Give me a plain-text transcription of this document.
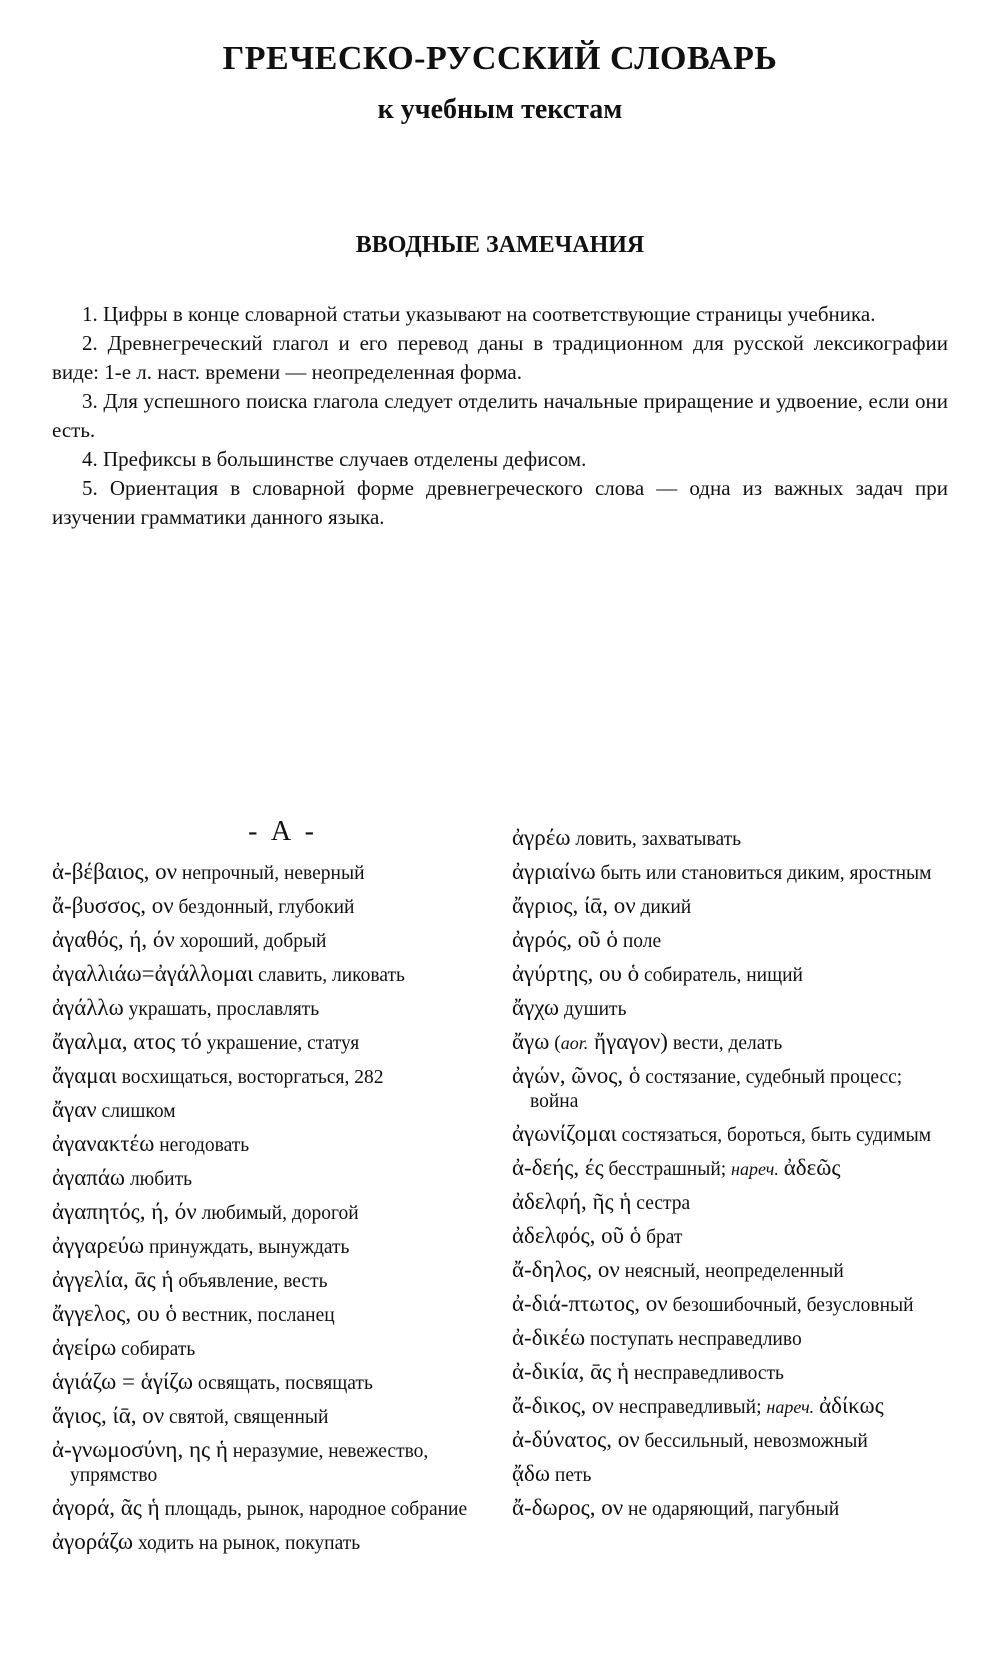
ГРЕЧЕСКО-РУССКИЙ СЛОВАРЬ
к учебным текстам
ВВОДНЫЕ ЗАМЕЧАНИЯ

1. Цифры в конце словарной статьи указывают на соответствующие страницы учебника.

2. Древнегреческий глагол и его перевод даны в традиционном для русской лексикографии виде: 1-е л. наст. времени — неопределенная форма.

3. Для успешного поиска глагола следует отделить начальные приращение и удвоение, если они есть.

4. Префиксы в большинстве случаев отделены дефисом.

5. Ориентация в словарной форме древнегреческого слова — одна из важных задач при изучении грамматики данного языка.

- A -
ἀ-βέβαιος, ον непрочный, неверный
ἄ-βυσσος, ον бездонный, глубокий
ἀγαθός, ή, όν хороший, добрый
ἀγαλλιάω=ἀγάλλομαι славить, ликовать
ἀγάλλω украшать, прославлять
ἄγαλμα, ατος τό украшение, статуя
ἄγαμαι восхищаться, восторгаться, 282
ἄγαν слишком
ἀγανακτέω негодовать
ἀγαπάω любить
ἀγαπητός, ή, όν любимый, дорогой
ἀγγαρεύω принуждать, вынуждать
ἀγγελία, ᾱς ἡ объявление, весть
ἄγγελος, ου ὁ вестник, посланец
ἀγείρω собирать
ἁγιάζω = ἁγίζω освящать, посвящать
ἅγιος, ίᾱ, ον святой, священный
ἀ-γνωμοσύνη, ης ἡ неразумие, невежество, упрямство
ἀγορά, ᾶς ἡ площадь, рынок, народное собрание
ἀγοράζω ходить на рынок, покупать
ἀγρέω ловить, захватывать
ἀγριαίνω быть или становиться диким, яростным
ἄγριος, ίᾱ, ον дикий
ἀγρός, οῦ ὁ поле
ἀγύρτης, ου ὁ собиратель, нищий
ἄγχω душить
ἄγω (aor. ἤγαγον) вести, делать
ἀγών, ῶνος, ὁ состязание, судебный процесс; война
ἀγωνίζομαι состязаться, бороться, быть судимым
ἀ-δεής, ές бесстрашный; нареч. ἀδεῶς
ἀδελφή, ῆς ἡ сестра
ἀδελφός, οῦ ὁ брат
ἄ-δηλος, ον неясный, неопределенный
ἀ-διά-πτωτος, ον безошибочный, безусловный
ἀ-δικέω поступать несправедливо
ἀ-δικία, ᾱς ἡ несправедливость
ἄ-δικος, ον несправедливый; нареч. ἀδίκως
ἀ-δύνατος, ον бессильный, невозможный
ᾄδω петь
ἄ-δωρος, ον не одаряющий, пагубный
